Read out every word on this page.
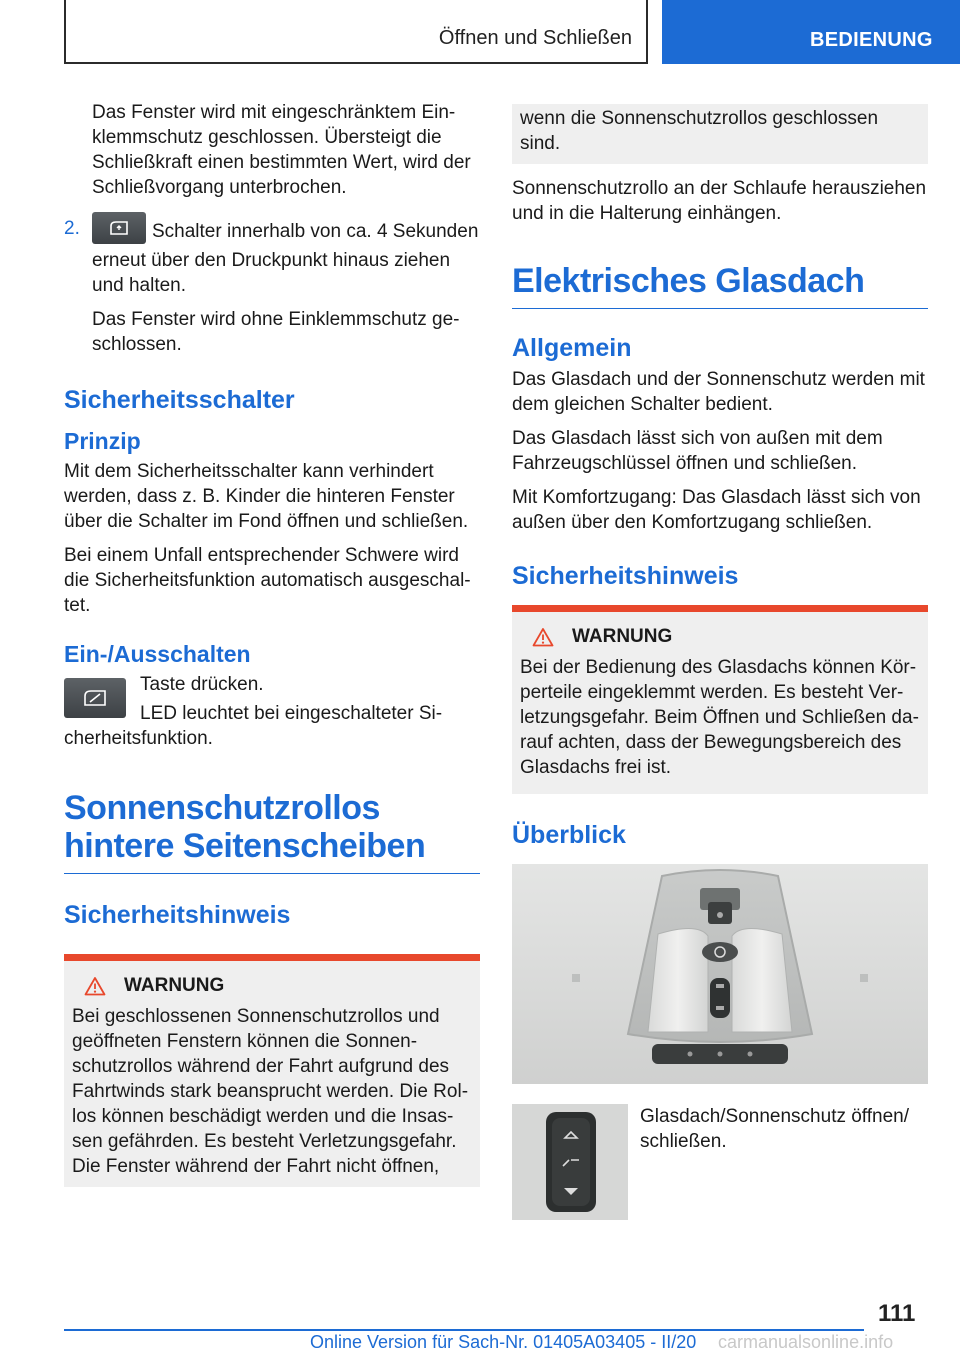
Öffnen und Schließen	BEDIENUNG

Das Fenster wird mit eingeschränktem Einklemmschutz geschlossen. Übersteigt die Schließkraft einen bestimmten Wert, wird der Schließvorgang unterbrochen.

2.	Schalter innerhalb von ca. 4 Sekunden erneut über den Druckpunkt hinaus ziehen und halten.

Das Fenster wird ohne Einklemmschutz geschlossen.

Sicherheitsschalter
Prinzip

Mit dem Sicherheitsschalter kann verhindert werden, dass z. B. Kinder die hinteren Fenster über die Schalter im Fond öffnen und schließen.

Bei einem Unfall entsprechender Schwere wird die Sicherheitsfunktion automatisch ausgeschaltet.

Ein-/Ausschalten

Taste drücken.

LED leuchtet bei eingeschalteter Sicherheitsfunktion.

Sonnenschutzrollos hintere Seitenscheiben
Sicherheitshinweis
WARNUNG

Bei geschlossenen Sonnenschutzrollos und geöffneten Fenstern können die Sonnenschutzrollos während der Fahrt aufgrund des Fahrtwinds stark beansprucht werden. Die Rollos können beschädigt werden und die Insassen gefährden. Es besteht Verletzungsgefahr. Die Fenster während der Fahrt nicht öffnen,

wenn die Sonnenschutzrollos geschlossen sind.

Sonnenschutzrollo an der Schlaufe herausziehen und in die Halterung einhängen.

Elektrisches Glasdach
Allgemein

Das Glasdach und der Sonnenschutz werden mit dem gleichen Schalter bedient.

Das Glasdach lässt sich von außen mit dem Fahrzeugschlüssel öffnen und schließen.

Mit Komfortzugang: Das Glasdach lässt sich von außen über den Komfortzugang schließen.

Sicherheitshinweis
WARNUNG

Bei der Bedienung des Glasdachs können Körperteile eingeklemmt werden. Es besteht Verletzungsgefahr. Beim Öffnen und Schließen darauf achten, dass der Bewegungsbereich des Glasdachs frei ist.

Überblick
Glasdach/Sonnenschutz öffnen/ schließen.
111
Online Version für Sach-Nr. 01405A03405 - II/20 carmanualsonline.info
